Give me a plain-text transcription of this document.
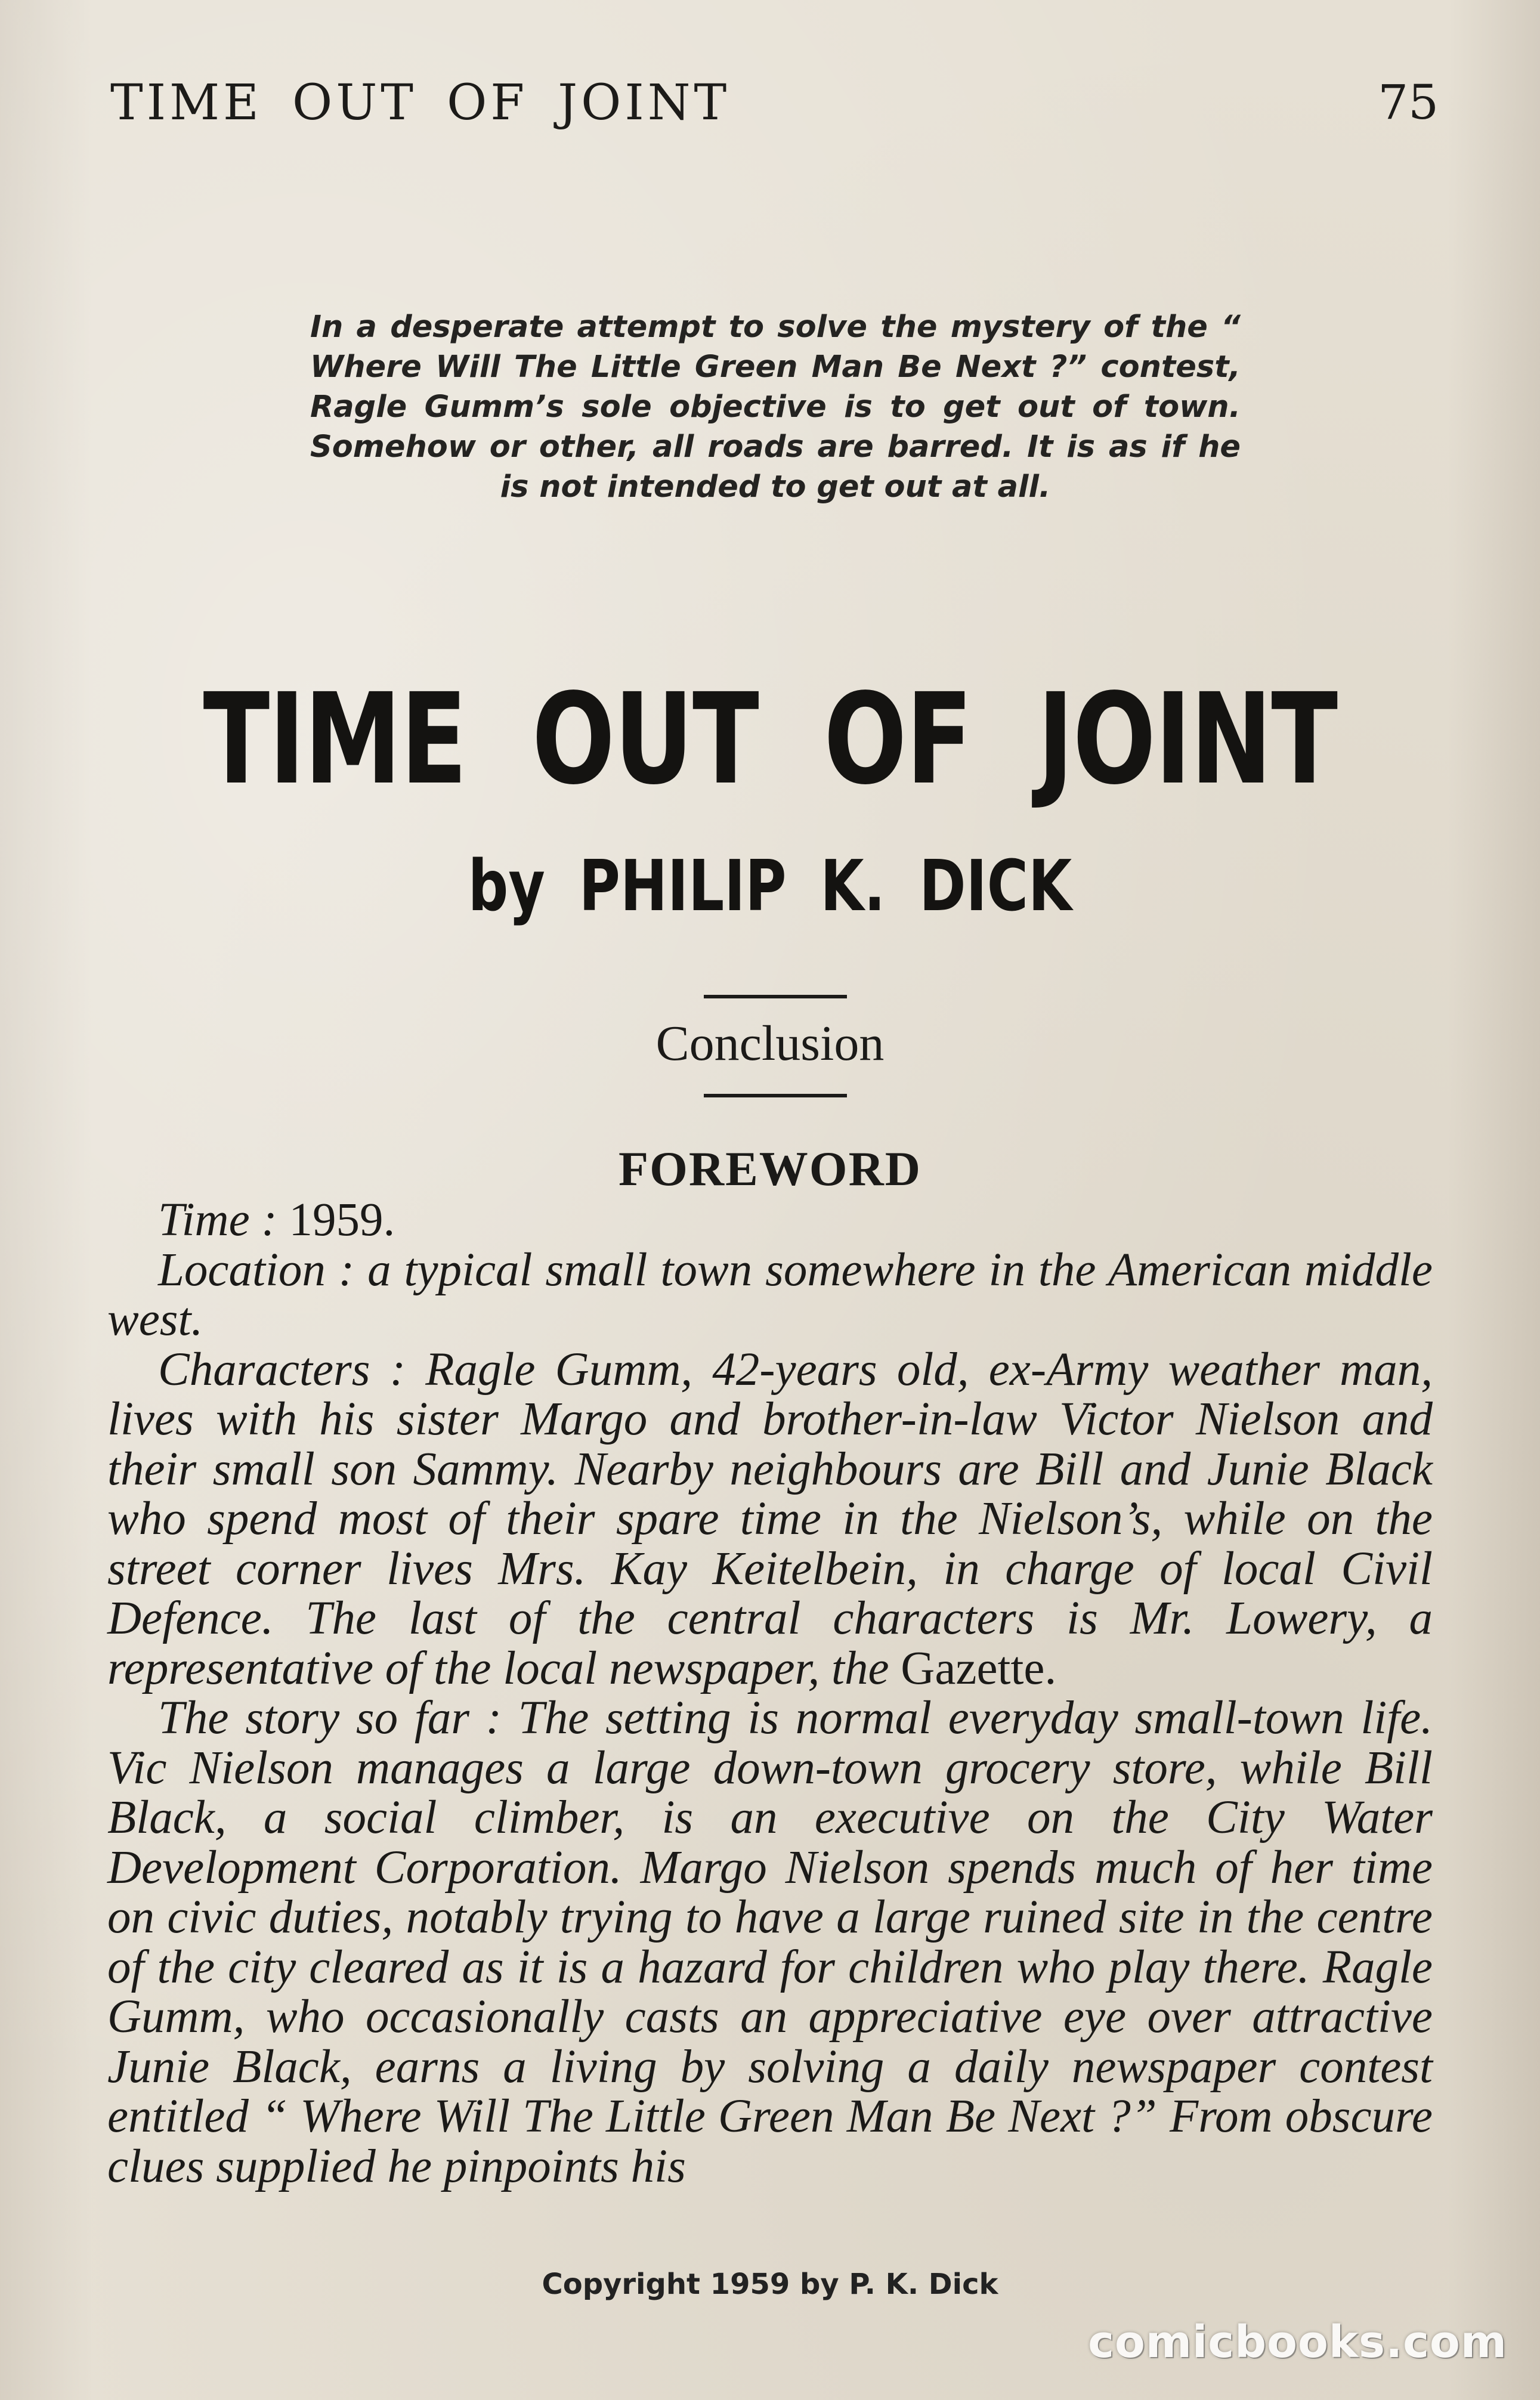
TIME OUT OF JOINT	75
In a desperate attempt to solve the mystery of the “ Where Will The Little Green Man Be Next ?” contest, Ragle Gumm’s sole objective is to get out of town. Somehow or other, all roads are barred. It is as if he is not intended to get out at all.
TIME OUT OF JOINT
by PHILIP K. DICK
Conclusion
FOREWORD

Time : 1959.

Location : a typical small town somewhere in the American middle west.

Characters : Ragle Gumm, 42-years old, ex-Army weather man, lives with his sister Margo and brother-in-law Victor Nielson and their small son Sammy. Nearby neighbours are Bill and Junie Black who spend most of their spare time in the Nielson’s, while on the street corner lives Mrs. Kay Keitelbein, in charge of local Civil Defence. The last of the central characters is Mr. Lowery, a representative of the local newspaper, the Gazette.

The story so far : The setting is normal everyday small-town life. Vic Nielson manages a large down-town grocery store, while Bill Black, a social climber, is an executive on the City Water Development Corporation. Margo Nielson spends much of her time on civic duties, notably trying to have a large ruined site in the centre of the city cleared as it is a hazard for children who play there. Ragle Gumm, who occasionally casts an appreciative eye over attractive Junie Black, earns a living by solving a daily newspaper contest entitled “ Where Will The Little Green Man Be Next ?” From obscure clues supplied he pinpoints his

Copyright 1959 by P. K. Dick
comicbooks.com
